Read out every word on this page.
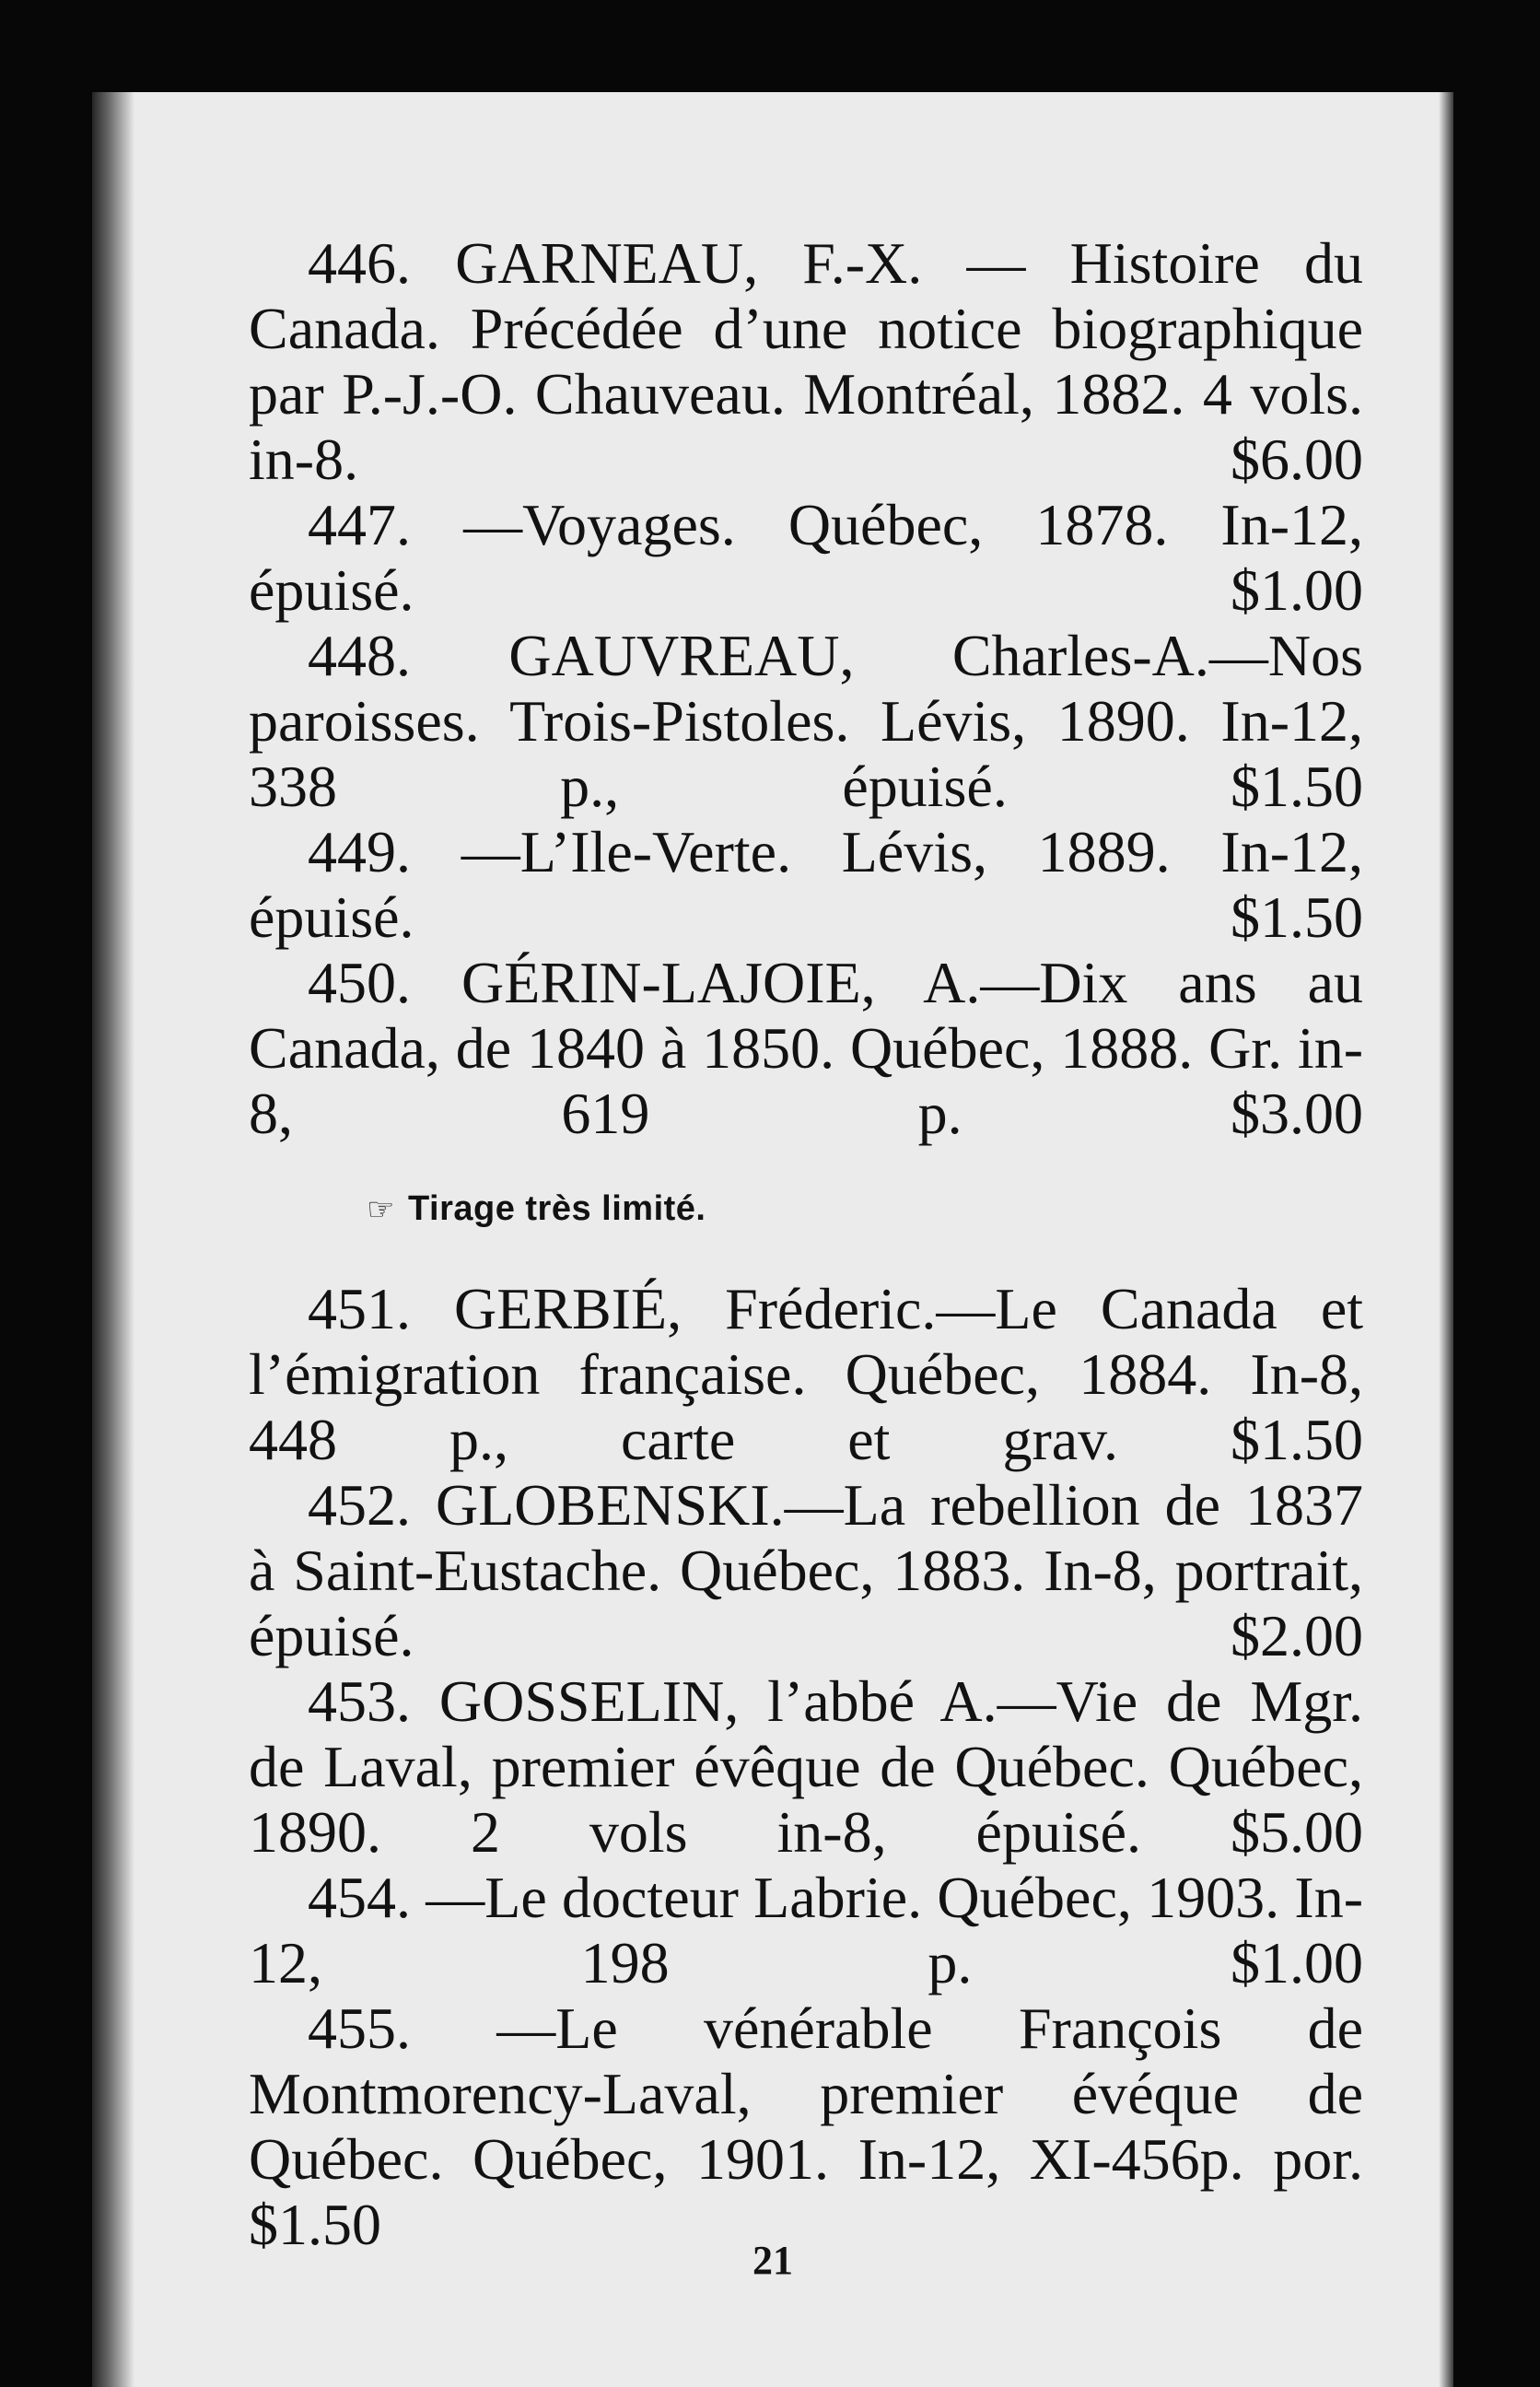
446. GARNEAU, F.-X. — Histoire du Canada. Précédée d’une notice biographique par P.-J.-O. Chauveau. Montréal, 1882. 4 vols. in-8.	$6.00

447. —Voyages. Québec, 1878. In-12, épuisé.	$1.00

448. GAUVREAU, Charles-A.—Nos paroisses. Trois-Pistoles. Lévis, 1890. In-12, 338 p., épuisé.	$1.50

449. —L’Ile-Verte. Lévis, 1889. In-12, épuisé.	$1.50

450. GÉRIN-LAJOIE, A.—Dix ans au Canada, de 1840 à 1850. Québec, 1888. Gr. in-8, 619 p.	$3.00

☞ Tirage très limité.

451. GERBIÉ, Fréderic.—Le Canada et l’émigration française. Québec, 1884. In-8, 448 p., carte et grav. $1.50

452. GLOBENSKI.—La rebellion de 1837 à Saint-Eustache. Québec, 1883. In-8, portrait, épuisé.	$2.00

453. GOSSELIN, l’abbé A.—Vie de Mgr. de Laval, premier évêque de Québec. Québec, 1890. 2 vols in-8, épuisé. $5.00

454. —Le docteur Labrie. Québec, 1903. In-12, 198 p.	$1.00

455. —Le vénérable François de Montmorency-Laval, premier évéque de Québec. Québec, 1901. In-12, XI-456p. por. $1.50

21
